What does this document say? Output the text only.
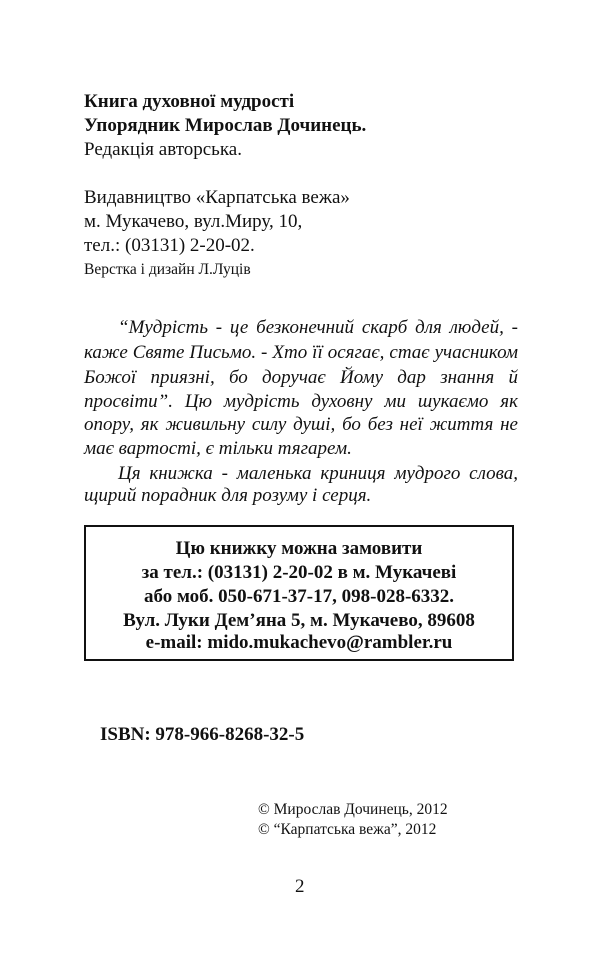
Книга духовної мудрості
Упорядник Мирослав Дочинець.
Редакція авторська.
Видавництво «Карпатська вежа»
м. Мукачево, вул.Миру, 10,
тел.: (03131) 2-20-02.
Верстка і дизайн Л.Луців
“Мудрість - це безконечний скарб для людей, -
каже Святе Письмо. - Хто її осягає, стає учасником
Божої приязні, бо доручає Йому дар знання й
просвіти”. Цю мудрість духовну ми шукаємо як
опору, як живильну силу душі, бо без неї життя не
має вартості, є тільки тягарем.
Ця книжка - маленька криниця мудрого слова,
щирий порадник для розуму і серця.
Цю книжку можна замовити
за тел.: (03131) 2-20-02 в м. Мукачеві
або моб. 050-671-37-17, 098-028-6332.
Вул. Луки Дем’яна 5, м. Мукачево, 89608
e-mail: mido.mukachevo@rambler.ru
ISBN: 978-966-8268-32-5
© Мирослав Дочинець, 2012
© “Карпатська вежа”, 2012
2
